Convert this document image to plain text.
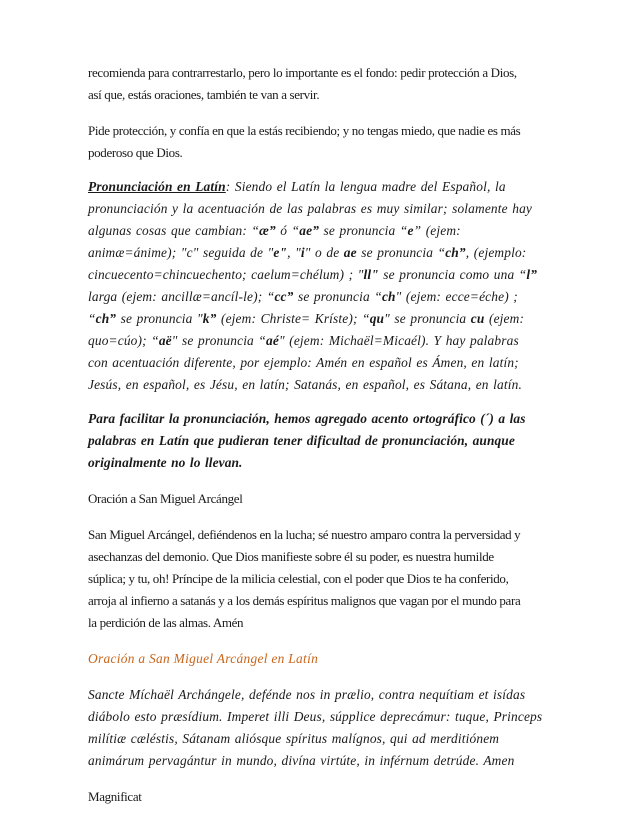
recomienda para contrarrestarlo, pero lo importante es el fondo: pedir protección a Dios,
así que, estás oraciones, también te van a servir.

Pide protección, y confía en que la estás recibiendo; y no tengas miedo, que nadie es más
poderoso que Dios.

Pronunciación en Latín: Siendo el Latín la lengua madre del Español, la
pronunciación y la acentuación de las palabras es muy similar; solamente hay
algunas cosas que cambian: “æ” ó “ae” se pronuncia “e” (ejem:
animæ=ánime); "c" seguida de "e", "i" o de ae se pronuncia “ch”, (ejemplo:
cincuecento=chincuechento; caelum=chélum) ; "ll" se pronuncia como una “l”
larga (ejem: ancillæ=ancíl-le); “cc” se pronuncia “ch" (ejem: ecce=éche) ;
“ch” se pronuncia "k” (ejem: Christe= Kríste); “qu" se pronuncia cu (ejem:
quo=cúo); “aë" se pronuncia “aé" (ejem: Michaël=Micaél). Y hay palabras
con acentuación diferente, por ejemplo: Amén en español es Ámen, en latín;
Jesús, en español, es Jésu, en latín; Satanás, en español, es Sátana, en latín.

Para facilitar la pronunciación, hemos agregado acento ortográfico (´) a las
palabras en Latín que pudieran tener dificultad de pronunciación, aunque
originalmente no lo llevan.

Oración a San Miguel Arcángel

San Miguel Arcángel, defiéndenos en la lucha; sé nuestro amparo contra la perversidad y
asechanzas del demonio. Que Dios manifieste sobre él su poder, es nuestra humilde
súplica; y tu, oh! Príncipe de la milicia celestial, con el poder que Dios te ha conferido,
arroja al infierno a satanás y a los demás espíritus malignos que vagan por el mundo para
la perdición de las almas. Amén

Oración a San Miguel Arcángel en Latín

Sancte Míchaël Archángele, defénde nos in prælio, contra nequítiam et isídas
diábolo esto præsídium. Imperet illi Deus, súpplice deprecámur: tuque, Princeps
milítiæ cæléstis, Sátanam aliósque spíritus malígnos, qui ad merditiónem
animárum pervagántur in mundo, divína virtúte, in inférnum detrúde. Amen

Magnificat
